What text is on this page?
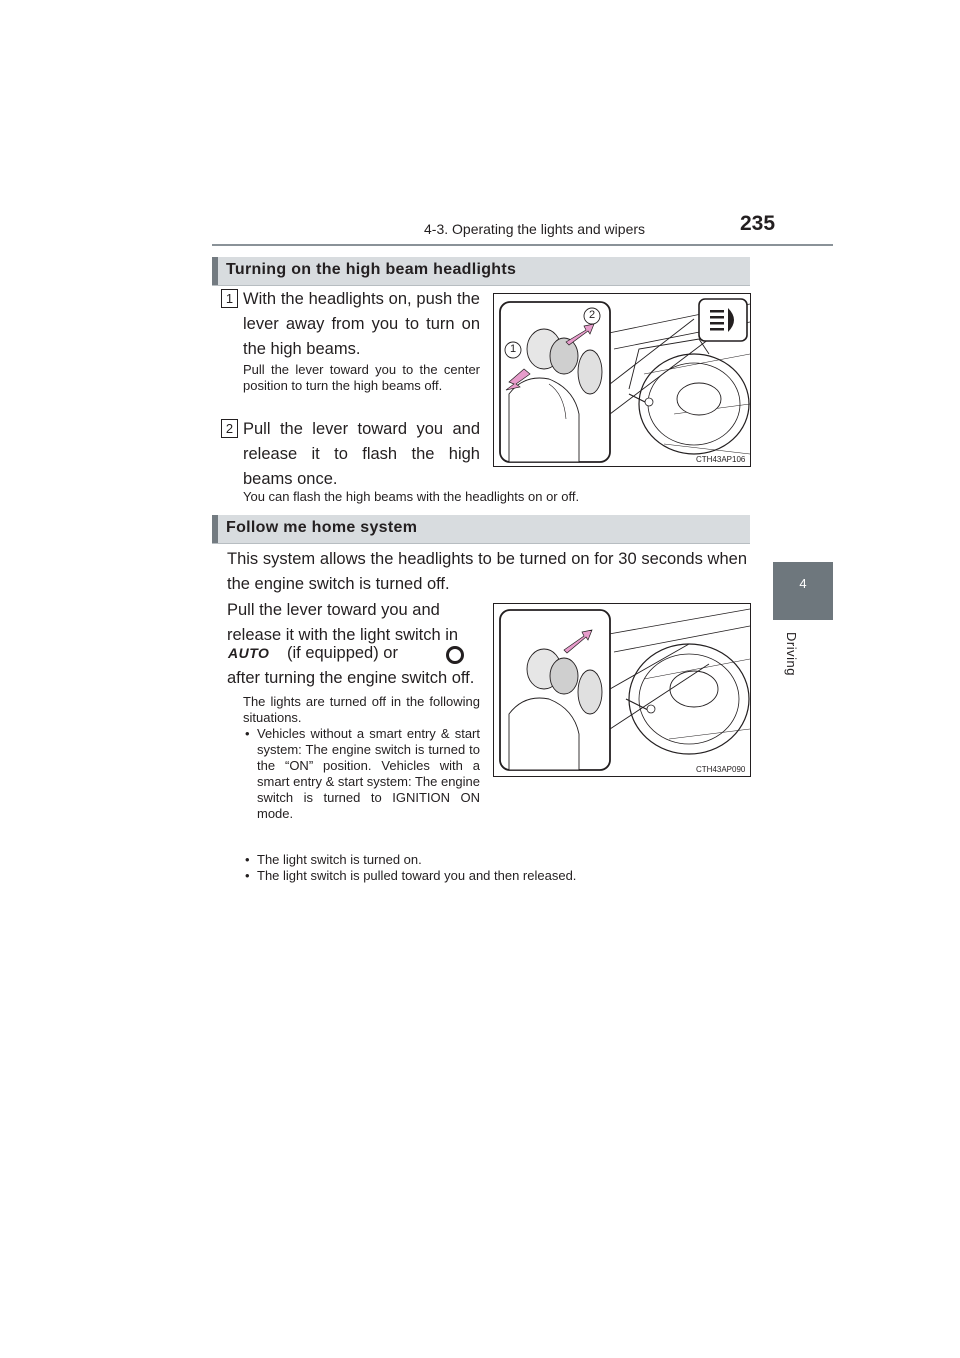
4-3. Operating the lights and wipers	235
4
Driving
Turning on the high beam headlights
1 With the headlights on, push the lever away from you to turn on the high beams.
Pull the lever toward you to the center position to turn the high beams off.
2 Pull the lever toward you and release it to flash the high beams once.
You can flash the high beams with the headlights on or off.
1
2
CTH43AP106
Follow me home system
This system allows the headlights to be turned on for 30 seconds when the engine switch is turned off.
Pull the lever toward you and
release it with the light switch in
AUTO (if equipped) or
after turning the engine switch off.
The lights are turned off in the following situations.
• Vehicles without a smart entry & start system: The engine switch is turned to the “ON” position. Vehicles with a smart entry & start system: The engine switch is turned to IGNITION ON mode.
• The light switch is turned on.
• The light switch is pulled toward you and then released.
CTH43AP090
